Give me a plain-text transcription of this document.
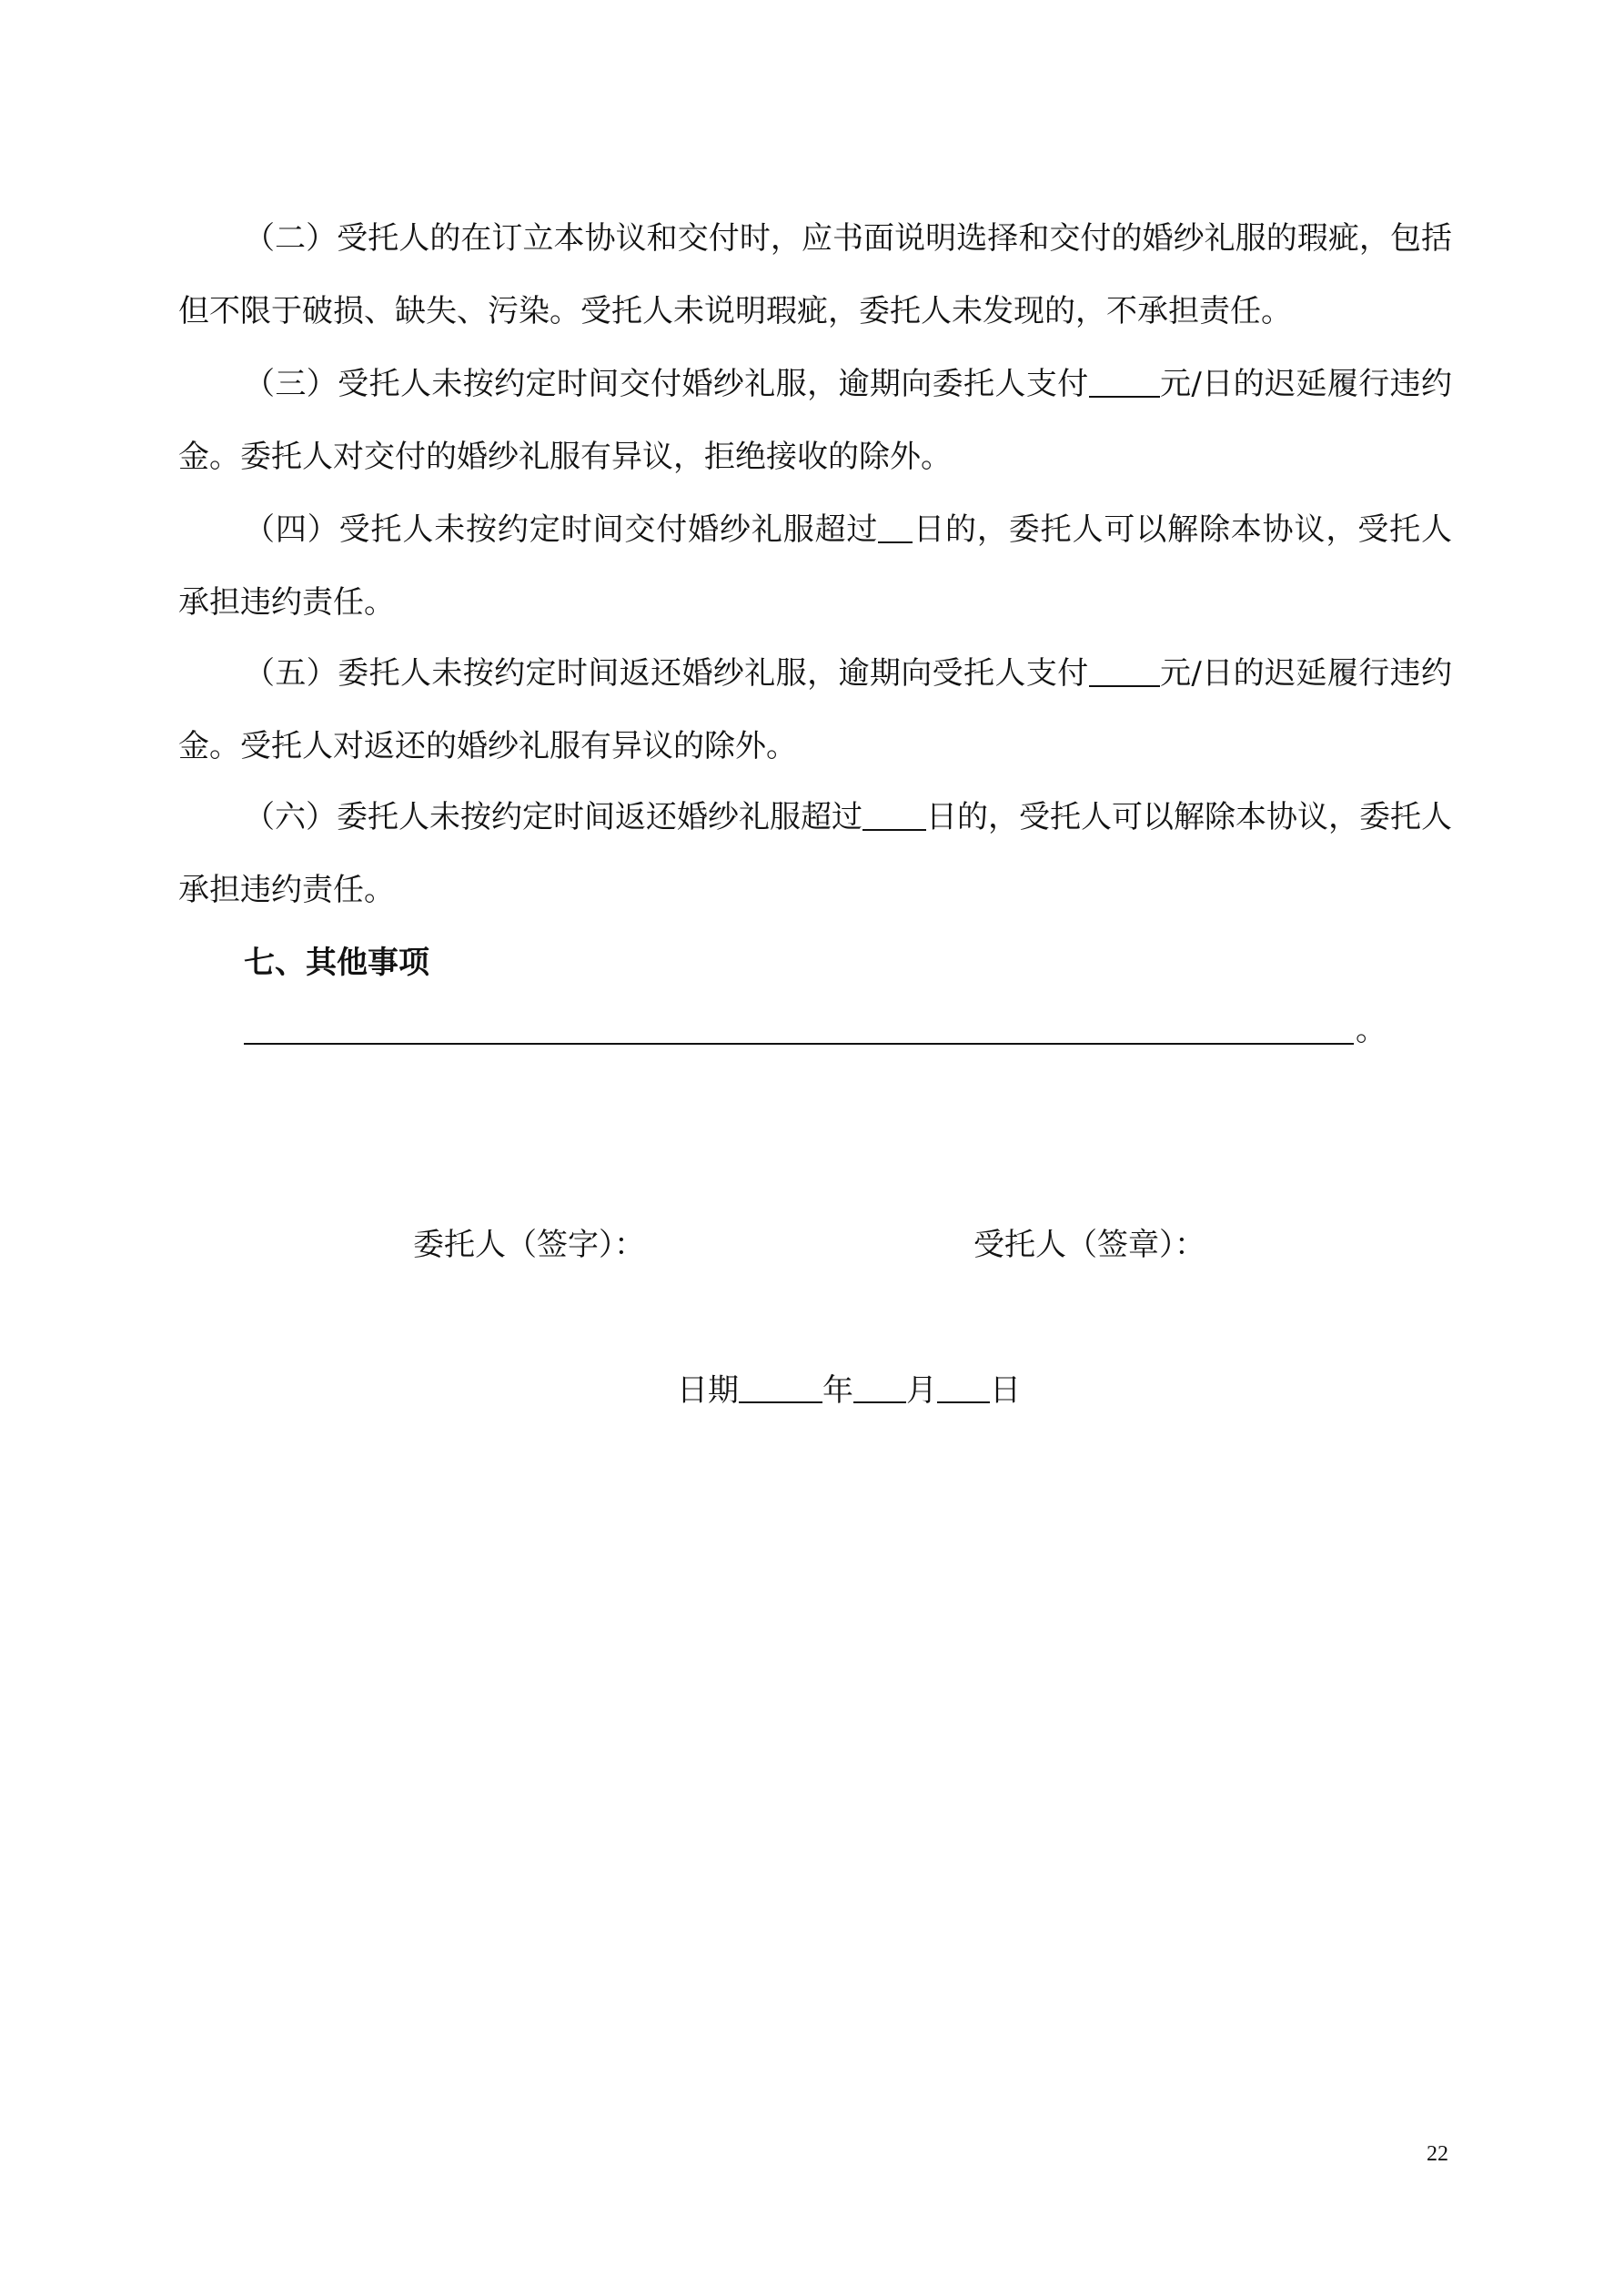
（二）受托人的在订立本协议和交付时，应书面说明选择和交付的婚纱礼服的瑕疵，包括但不限于破损、缺失、污染。受托人未说明瑕疵，委托人未发现的，不承担责任。

（三）受托人未按约定时间交付婚纱礼服，逾期向委托人支付 元/日的迟延履行违约金。委托人对交付的婚纱礼服有异议，拒绝接收的除外。

（四）受托人未按约定时间交付婚纱礼服超过 日的，委托人可以解除本协议，受托人承担违约责任。

（五）委托人未按约定时间返还婚纱礼服，逾期向受托人支付 元/日的迟延履行违约金。受托人对返还的婚纱礼服有异议的除外。

（六）委托人未按约定时间返还婚纱礼服超过 日的，受托人可以解除本协议，委托人承担违约责任。

七、其他事项

。
委托人（签字）：	受托人（签章）：
日期	年 月 日
22
